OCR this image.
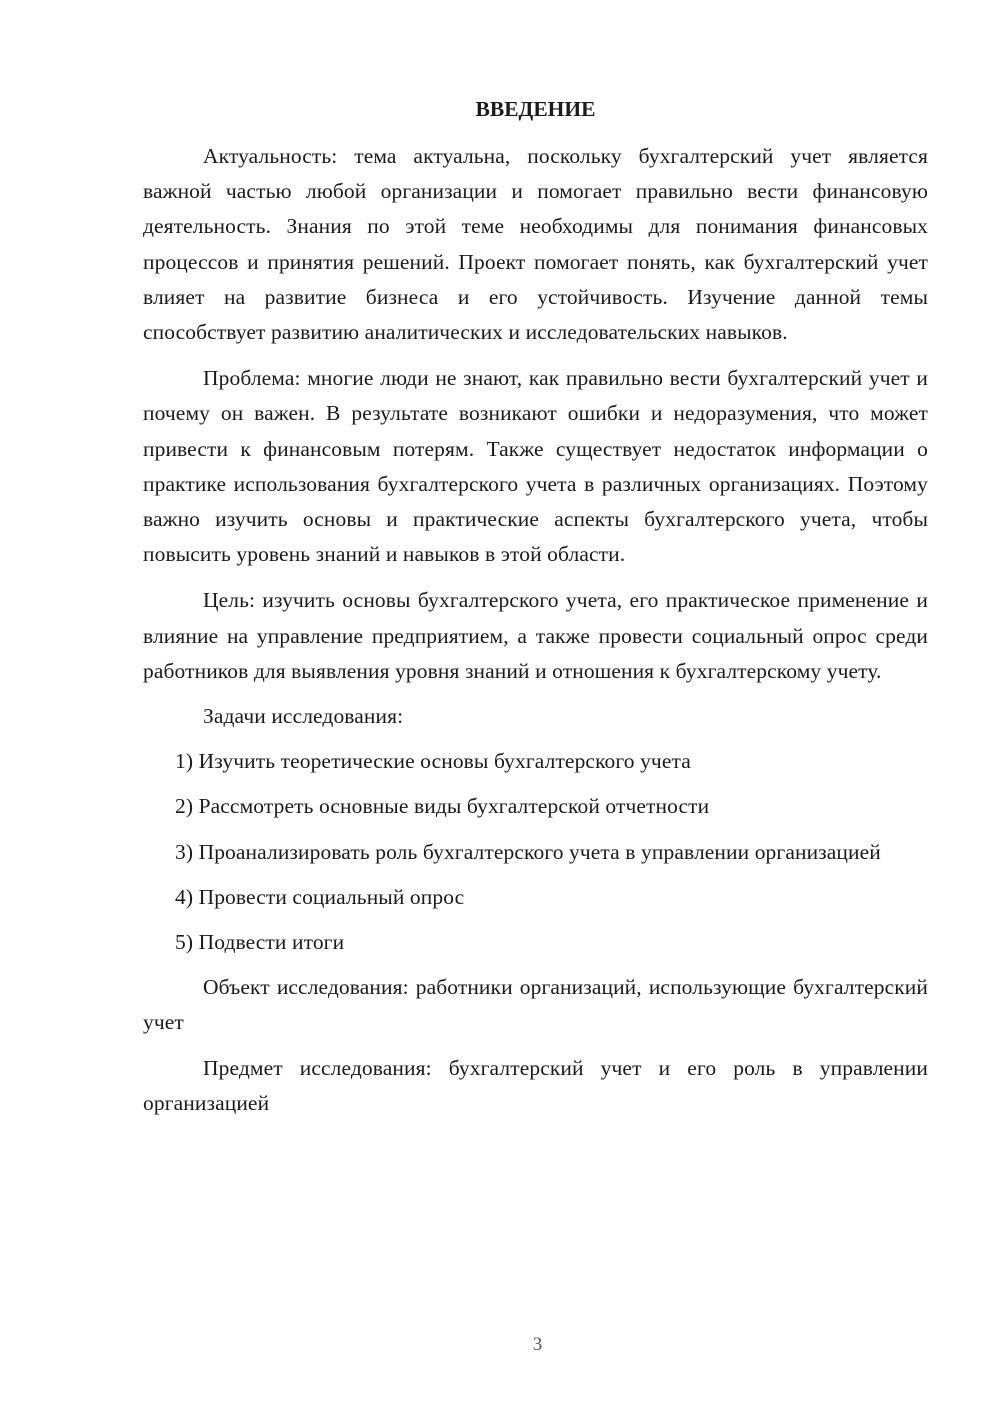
ВВЕДЕНИЕ

Актуальность: тема актуальна, поскольку бухгалтерский учет является важной частью любой организации и помогает правильно вести финансовую деятельность. Знания по этой теме необходимы для понимания финансовых процессов и принятия решений. Проект помогает понять, как бухгалтерский учет влияет на развитие бизнеса и его устойчивость. Изучение данной темы способствует развитию аналитических и исследовательских навыков.

Проблема: многие люди не знают, как правильно вести бухгалтерский учет и почему он важен. В результате возникают ошибки и недоразумения, что может привести к финансовым потерям. Также существует недостаток информации о практике использования бухгалтерского учета в различных организациях. Поэтому важно изучить основы и практические аспекты бухгалтерского учета, чтобы повысить уровень знаний и навыков в этой области.

Цель: изучить основы бухгалтерского учета, его практическое применение и влияние на управление предприятием, а также провести социальный опрос среди работников для выявления уровня знаний и отношения к бухгалтерскому учету.

Задачи исследования:

1) Изучить теоретические основы бухгалтерского учета

2) Рассмотреть основные виды бухгалтерской отчетности

3) Проанализировать роль бухгалтерского учета в управлении организацией

4) Провести социальный опрос

5) Подвести итоги

Объект исследования: работники организаций, использующие бухгалтерский учет

Предмет исследования: бухгалтерский учет и его роль в управлении организацией

3
